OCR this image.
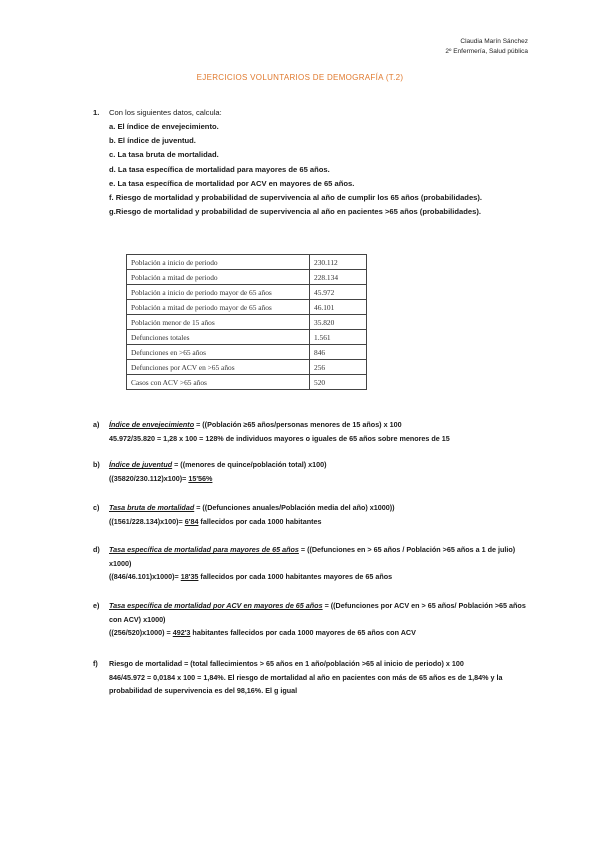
Claudia Marín Sánchez
2º Enfermería, Salud pública
EJERCICIOS VOLUNTARIOS DE DEMOGRAFÍA (T.2)
1. Con los siguientes datos, calcula:
a. El índice de envejecimiento.
b. El índice de juventud.
c. La tasa bruta de mortalidad.
d. La tasa específica de mortalidad para mayores de 65 años.
e. La tasa específica de mortalidad por ACV en mayores de 65 años.
f. Riesgo de mortalidad y probabilidad de supervivencia al año de cumplir los 65 años (probabilidades).
g.Riesgo de mortalidad y probabilidad de supervivencia al año en pacientes >65 años (probabilidades).
Población a inicio de periodo	230.112
Población a mitad de periodo	228.134
Población a inicio de periodo mayor de 65 años	45.972
Población a mitad de periodo mayor de 65 años	46.101
Población menor de 15 años	35.820
Defunciones totales	1.561
Defunciones en >65 años	846
Defunciones por ACV en >65 años	256
Casos con ACV >65 años	520
a) Índice de envejecimiento = ((Población ≥65 años/personas menores de 15 años) x 100
45.972/35.820 = 1,28 x 100 = 128% de individuos mayores o iguales de 65 años sobre menores de 15
b) Índice de juventud = ((menores de quince/población total) x100)
((35820/230.112)x100)= 15'56%
c) Tasa bruta de mortalidad = ((Defunciones anuales/Población media del año) x1000))
((1561/228.134)x100)= 6'84 fallecidos por cada 1000 habitantes
d) Tasa específica de mortalidad para mayores de 65 años = ((Defunciones en > 65 años / Población >65 años a 1 de julio) x1000)
((846/46.101)x1000)= 18'35 fallecidos por cada 1000 habitantes mayores de 65 años
e) Tasa específica de mortalidad por ACV en mayores de 65 años = ((Defunciones por ACV en > 65 años/ Población >65 años con ACV) x1000)
((256/520)x1000) = 492'3 habitantes fallecidos por cada 1000 mayores de 65 años con ACV
f) Riesgo de mortalidad = (total fallecimientos > 65 años en 1 año/población >65 al inicio de periodo) x 100
846/45.972 = 0,0184 x 100 = 1,84%. El riesgo de mortalidad al año en pacientes con más de 65 años es de 1,84% y la probabilidad de supervivencia es del 98,16%. El g igual
